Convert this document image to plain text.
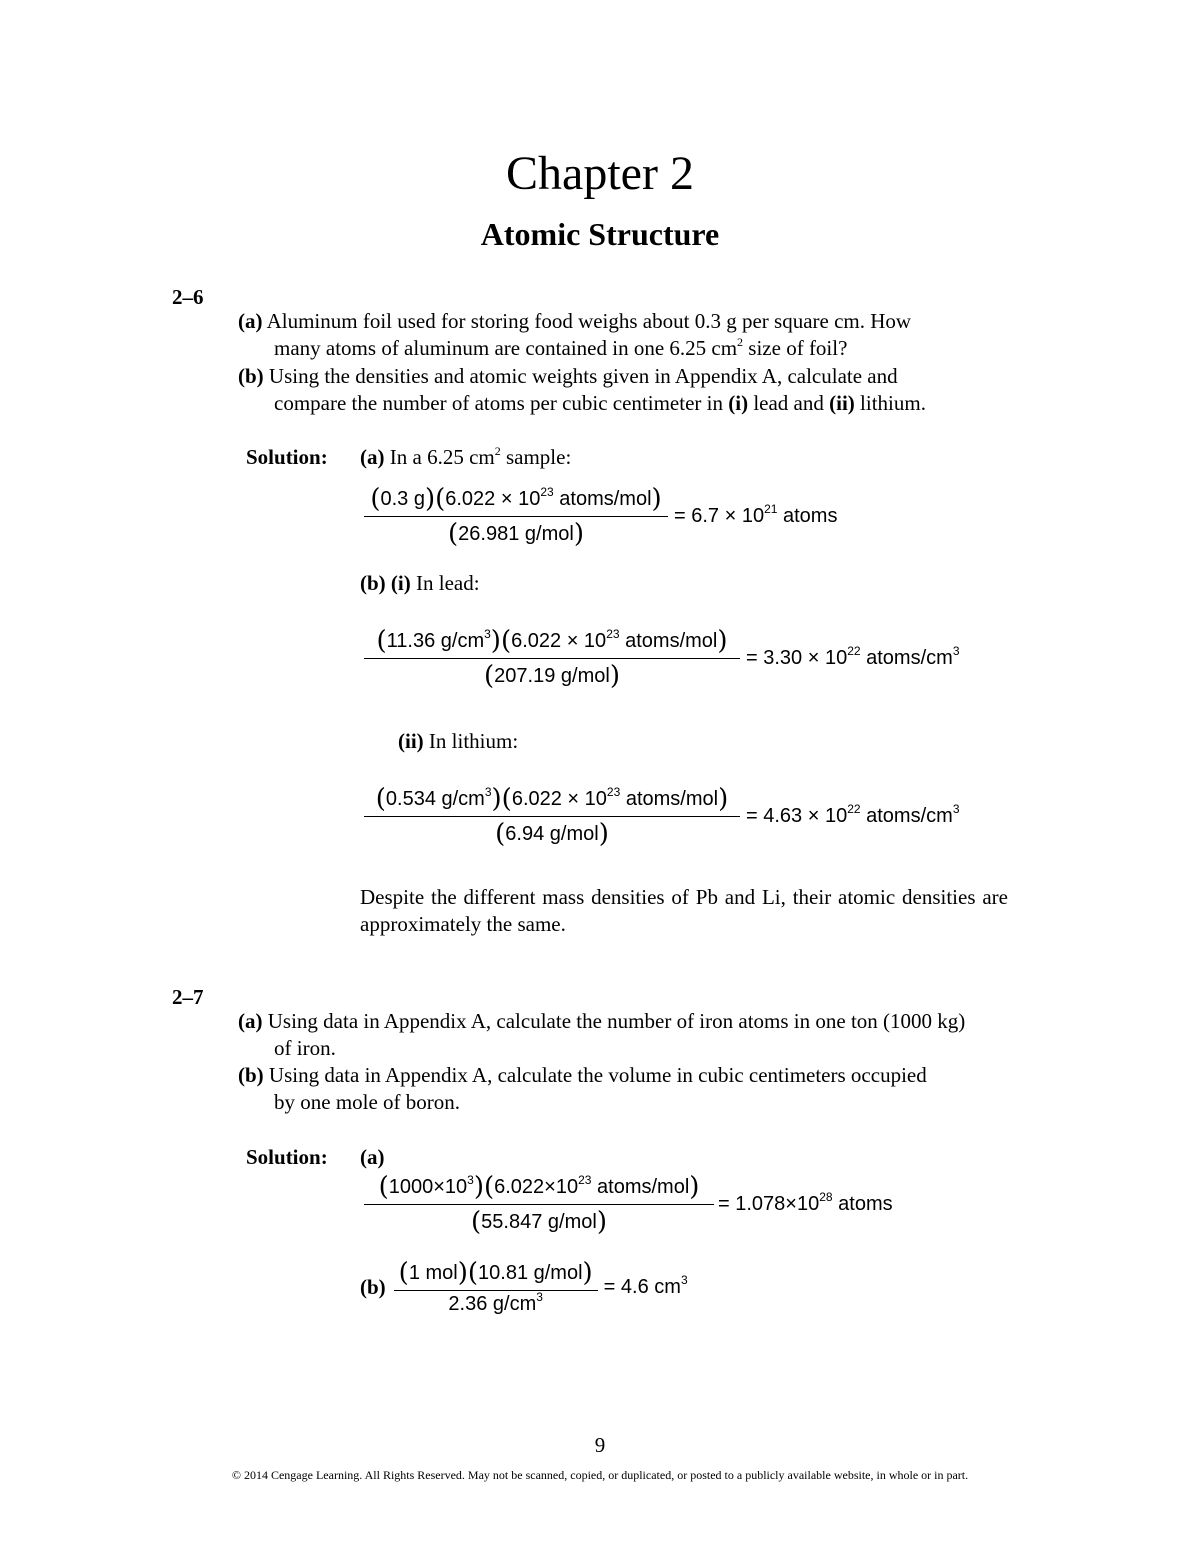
Chapter 2
Atomic Structure
2–6
(a) Aluminum foil used for storing food weighs about 0.3 g per square cm. How
many atoms of aluminum are contained in one 6.25 $cm^2$ size of foil?
(b) Using the densities and atomic weights given in Appendix A, calculate and
compare the number of atoms per cubic centimeter in (i) lead and (ii) lithium.
Solution: (a) In a 6.25 $cm^2$ sample:
$\frac{(0.3 g)(6.022 \times 10^{23} atoms/mol)}{\text{(26.981 g/mol)}} = 6.7 \times 10^{21}$ atoms
(b) (i) In lead:
$\frac{(11.36 g/cm^3)(6.022 \times 10^{23} atoms/mol)}{\text{(207.19 g/mol)}} = 3.30 \times 10^{22}$ atoms/$cm^3$
(ii) In lithium:
$\frac{(0.534 g/cm^3)(6.022 \times 10^{23} atoms/mol)}{\text{(6.94 g/mol)}} = 4.63 \times 10^{22}$ atoms/$cm^3$
Despite the different mass densities of Pb and Li, their atomic densities are approximately the same.
2–7
(a) Using data in Appendix A, calculate the number of iron atoms in one ton (1000 kg)
of iron.
(b) Using data in Appendix A, calculate the volume in cubic centimeters occupied
by one mole of boron.
Solution: (a)
$\frac{(1000\times 10^3)(6.022\times 10^{23} atoms/mol)}{\text{(55.847 g/mol)}} = 1.078\times 10^{28}$ atoms
$(b) \frac{\text{(1 mol)(10.81 g/mol)}}{2.36 g/cm^3} = 4.6$ $cm^3$
9
© 2014 Cengage Learning. All Rights Reserved. May not be scanned, copied, or duplicated, or posted to a publicly available website, in whole or in part.
